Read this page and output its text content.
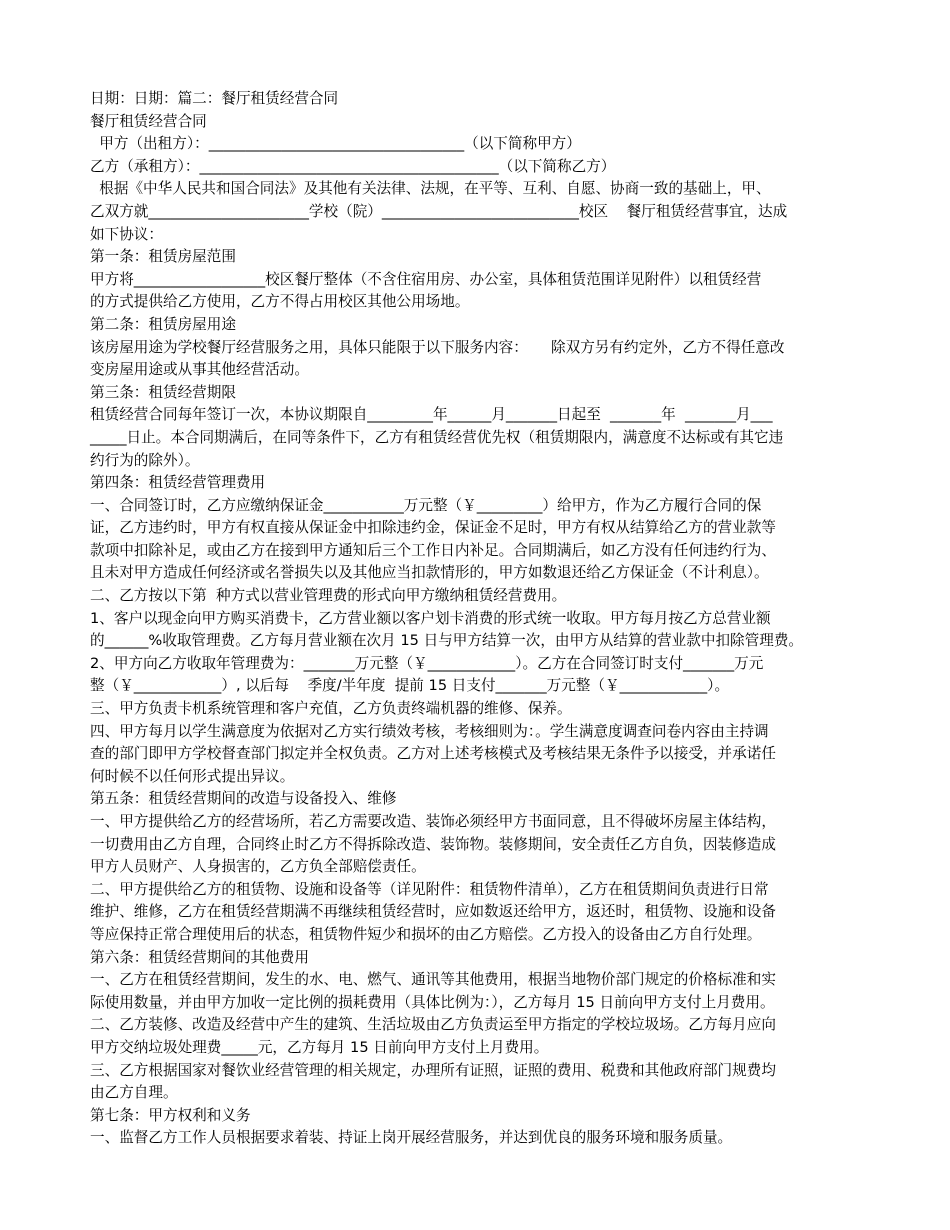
日期：日期：篇二：餐厅租赁经营合同
餐厅租赁经营合同
甲方（出租方）：___________________________________（以下简称甲方）
乙方（承租方）：_________________________________________（以下简称乙方）
根据《中华人民共和国合同法》及其他有关法律、法规，在平等、互利、自愿、协商一致的基础上，甲、
乙双方就______________________学校（院）___________________________校区    餐厅租赁经营事宜，达成
如下协议：
第一条：租赁房屋范围
甲方将__________________校区餐厅整体（不含住宿用房、办公室，具体租赁范围详见附件）以租赁经营
的方式提供给乙方使用，乙方不得占用校区其他公用场地。
第二条：租赁房屋用途
该房屋用途为学校餐厅经营服务之用，具体只能限于以下服务内容：     除双方另有约定外，乙方不得任意改
变房屋用途或从事其他经营活动。
第三条：租赁经营期限
租赁经营合同每年签订一次，本协议期限自_________年______月_______日起至  _______年  _______月___
_____日止。本合同期满后，在同等条件下，乙方有租赁经营优先权（租赁期限内，满意度不达标或有其它违
约行为的除外）。
第四条：租赁经营管理费用
一、合同签订时，乙方应缴纳保证金___________万元整（￥_________）给甲方，作为乙方履行合同的保
证，乙方违约时，甲方有权直接从保证金中扣除违约金，保证金不足时，甲方有权从结算给乙方的营业款等
款项中扣除补足，或由乙方在接到甲方通知后三个工作日内补足。合同期满后，如乙方没有任何违约行为、
且未对甲方造成任何经济或名誉损失以及其他应当扣款情形的，甲方如数退还给乙方保证金（不计利息）。
二、乙方按以下第  种方式以营业管理费的形式向甲方缴纳租赁经营费用。
1、客户以现金向甲方购买消费卡，乙方营业额以客户划卡消费的形式统一收取。甲方每月按乙方总营业额
的______%收取管理费。乙方每月营业额在次月 15 日与甲方结算一次，由甲方从结算的营业款中扣除管理费。
2、甲方向乙方收取年管理费为：_______万元整（￥____________）。乙方在合同签订时支付_______万元
整（￥____________）, 以后每    季度/半年度  提前 15 日支付_______万元整（￥____________）。
三、甲方负责卡机系统管理和客户充值，乙方负责终端机器的维修、保养。
四、甲方每月以学生满意度为依据对乙方实行绩效考核，考核细则为：。学生满意度调查问卷内容由主持调
查的部门即甲方学校督查部门拟定并全权负责。乙方对上述考核模式及考核结果无条件予以接受，并承诺任
何时候不以任何形式提出异议。
第五条：租赁经营期间的改造与设备投入、维修
一、甲方提供给乙方的经营场所，若乙方需要改造、装饰必须经甲方书面同意，且不得破坏房屋主体结构，
一切费用由乙方自理，合同终止时乙方不得拆除改造、装饰物。装修期间，安全责任乙方自负，因装修造成
甲方人员财产、人身损害的，乙方负全部赔偿责任。
二、甲方提供给乙方的租赁物、设施和设备等（详见附件：租赁物件清单），乙方在租赁期间负责进行日常
维护、维修，乙方在租赁经营期满不再继续租赁经营时，应如数返还给甲方，返还时，租赁物、设施和设备
等应保持正常合理使用后的状态，租赁物件短少和损坏的由乙方赔偿。乙方投入的设备由乙方自行处理。
第六条：租赁经营期间的其他费用
一、乙方在租赁经营期间，发生的水、电、燃气、通讯等其他费用，根据当地物价部门规定的价格标准和实
际使用数量，并由甲方加收一定比例的损耗费用（具体比例为：），乙方每月 15 日前向甲方支付上月费用。
二、乙方装修、改造及经营中产生的建筑、生活垃圾由乙方负责运至甲方指定的学校垃圾场。乙方每月应向
甲方交纳垃圾处理费_____元，乙方每月 15 日前向甲方支付上月费用。
三、乙方根据国家对餐饮业经营管理的相关规定，办理所有证照，证照的费用、税费和其他政府部门规费均
由乙方自理。
第七条：甲方权利和义务
一、监督乙方工作人员根据要求着装、持证上岗开展经营服务，并达到优良的服务环境和服务质量。
